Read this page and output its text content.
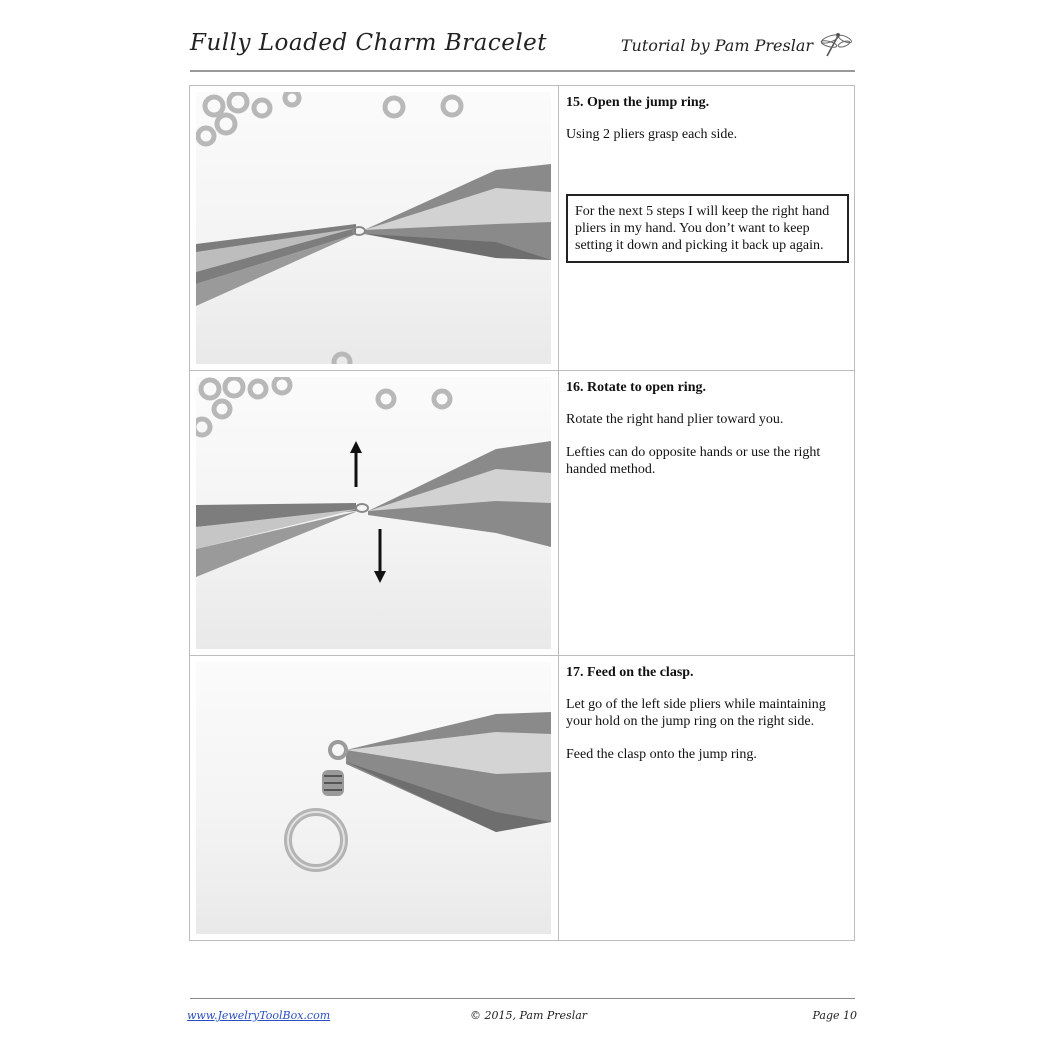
Fully Loaded Charm Bracelet	Tutorial by Pam Preslar
15. Open the jump ring.

Using 2 pliers grasp each side.

For the next 5 steps I will keep the right hand pliers in my hand. You don’t want to keep setting it down and picking it back up again.
16. Rotate to open ring.

Rotate the right hand plier toward you.

Lefties can do opposite hands or use the right handed method.

17. Feed on the clasp.

Let go of the left side pliers while maintaining your hold on the jump ring on the right side.

Feed the clasp onto the jump ring.

www.JewelryToolBox.com	© 2015, Pam Preslar	Page 10
